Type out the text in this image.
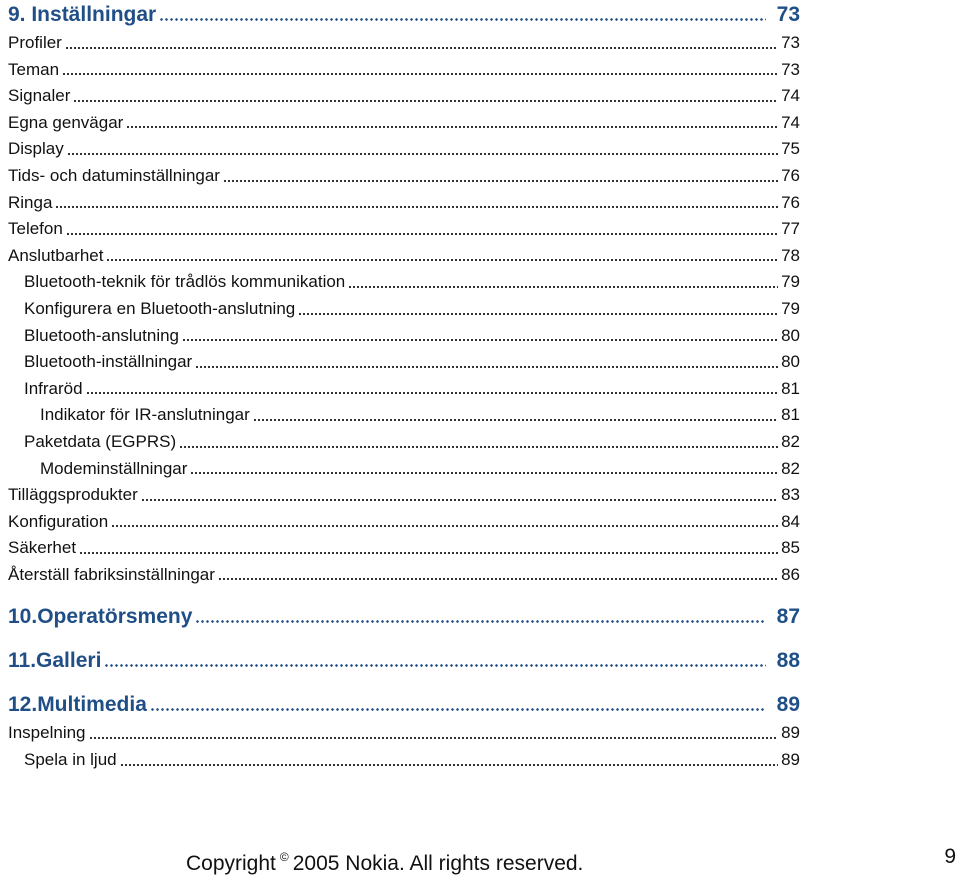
9. Inställningar	73
Profiler	73
Teman	73
Signaler	74
Egna genvägar	74
Display	75
Tids- och datuminställningar	76
Ringa	76
Telefon	77
Anslutbarhet	78
Bluetooth-teknik för trådlös kommunikation	79
Konfigurera en Bluetooth-anslutning	79
Bluetooth-anslutning	80
Bluetooth-inställningar	80
Infraröd	81
Indikator för IR-anslutningar	81
Paketdata (EGPRS)	82
Modeminställningar	82
Tilläggsprodukter	83
Konfiguration	84
Säkerhet	85
Återställ fabriksinställningar	86
10.Operatörsmeny	87
11.Galleri	88
12.Multimedia	89
Inspelning	89
Spela in ljud	89
Copyright © 2005 Nokia. All rights reserved.	9
